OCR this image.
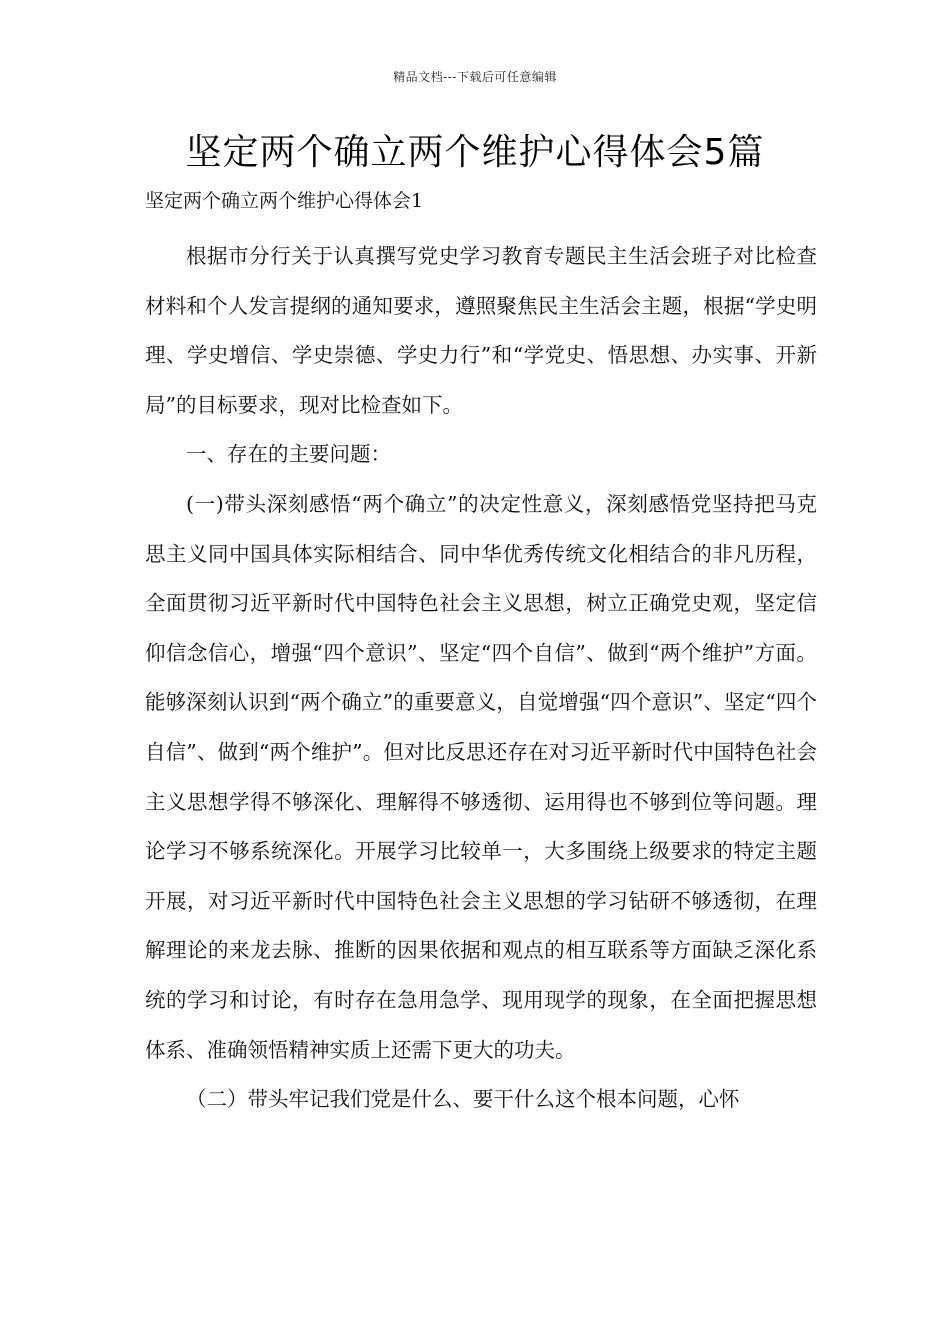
精品文档---下载后可任意编辑
坚定两个确立两个维护心得体会5篇
坚定两个确立两个维护心得体会1

根据市分行关于认真撰写党史学习教育专题民主生活会班子对比检查材料和个人发言提纲的通知要求，遵照聚焦民主生活会主题，根据“学史明理、学史增信、学史崇德、学史力行”和“学党史、悟思想、办实事、开新局”的目标要求，现对比检查如下。

一、存在的主要问题：

(一)带头深刻感悟“两个确立”的决定性意义，深刻感悟党坚持把马克思主义同中国具体实际相结合、同中华优秀传统文化相结合的非凡历程，全面贯彻习近平新时代中国特色社会主义思想，树立正确党史观，坚定信仰信念信心，增强“四个意识”、坚定“四个自信”、做到“两个维护”方面。能够深刻认识到“两个确立”的重要意义，自觉增强“四个意识”、坚定“四个自信”、做到“两个维护”。但对比反思还存在对习近平新时代中国特色社会主义思想学得不够深化、理解得不够透彻、运用得也不够到位等问题。理论学习不够系统深化。开展学习比较单一，大多围绕上级要求的特定主题开展，对习近平新时代中国特色社会主义思想的学习钻研不够透彻，在理解理论的来龙去脉、推断的因果依据和观点的相互联系等方面缺乏深化系统的学习和讨论，有时存在急用急学、现用现学的现象，在全面把握思想体系、准确领悟精神实质上还需下更大的功夫。

（二）带头牢记我们党是什么、要干什么这个根本问题，心怀
